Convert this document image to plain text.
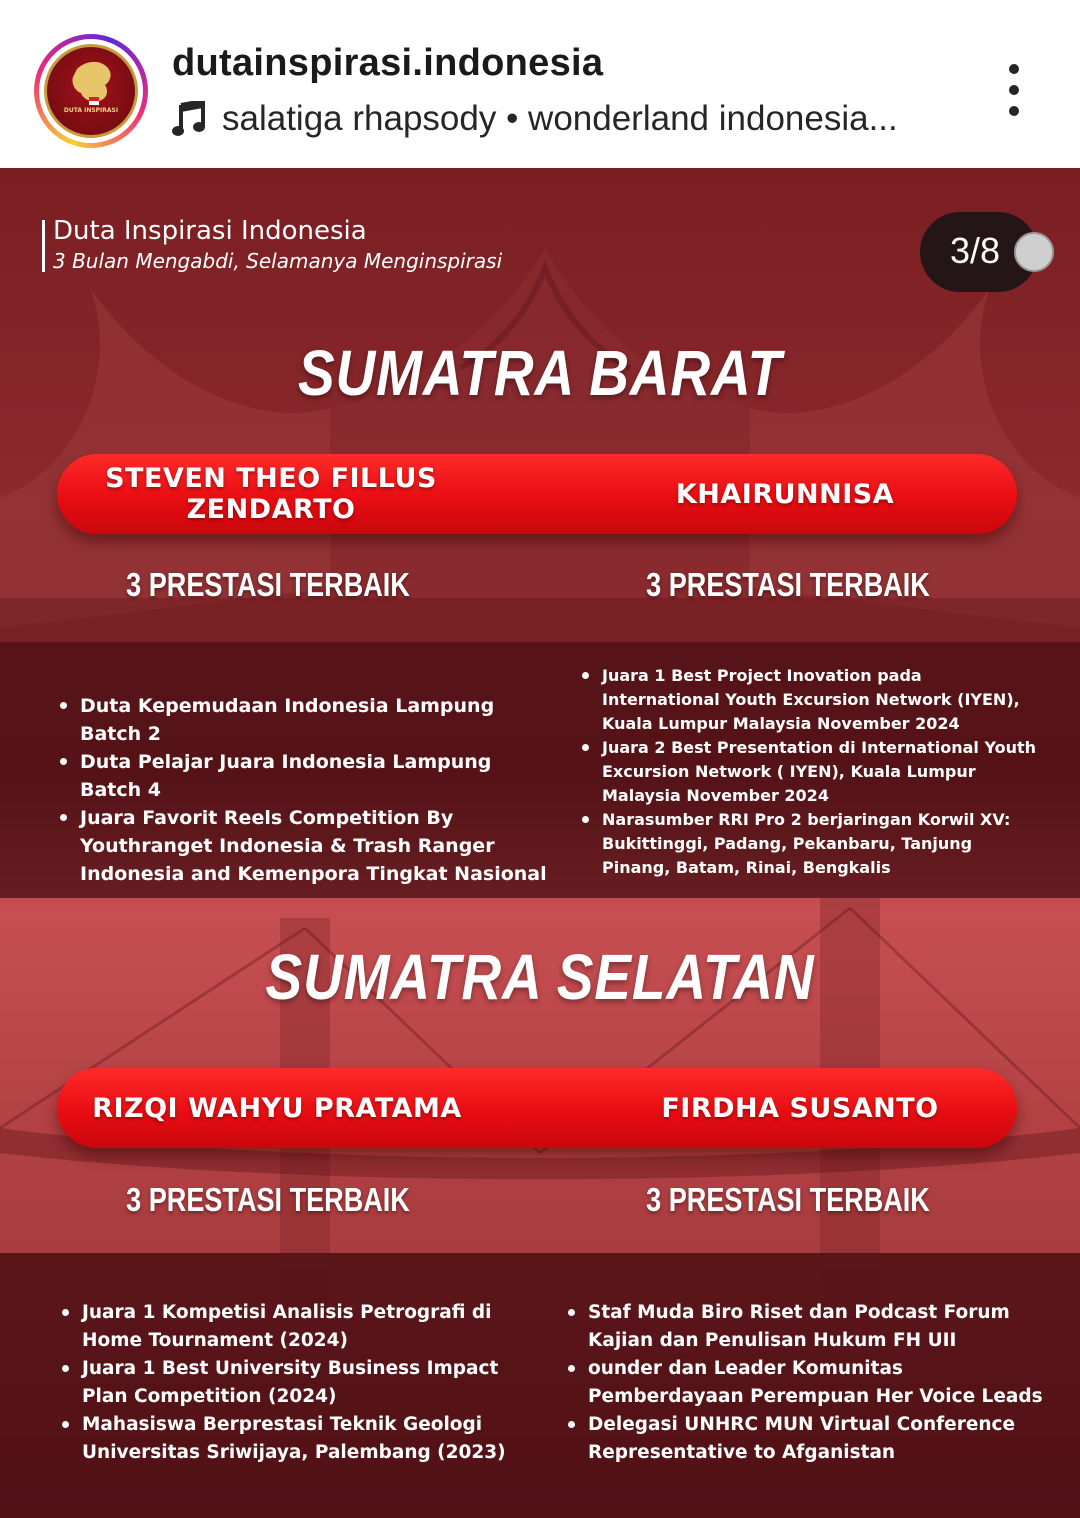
DUTA INSPIRASI
dutainspirasi.indonesia
salatiga rhapsody • wonderland indonesia...
Duta Inspirasi Indonesia
3 Bulan Mengabdi, Selamanya Menginspirasi	3/8
SUMATRA BARAT
STEVEN THEO FILLUS
ZENDARTO	KHAIRUNNISA
3 PRESTASI TERBAIK	3 PRESTASI TERBAIK
Duta Kepemudaan Indonesia Lampung Batch 2
Duta Pelajar Juara Indonesia Lampung Batch 4
Juara Favorit Reels Competition By Youthranget Indonesia & Trash Ranger Indonesia and Kemenpora Tingkat Nasional
Juara 1 Best Project Inovation pada International Youth Excursion Network (IYEN), Kuala Lumpur Malaysia November 2024
Juara 2 Best Presentation di International Youth Excursion Network ( IYEN), Kuala Lumpur Malaysia November 2024
Narasumber RRI Pro 2 berjaringan Korwil XV: Bukittinggi, Padang, Pekanbaru, Tanjung Pinang, Batam, Rinai, Bengkalis
SUMATRA SELATAN
RIZQI WAHYU PRATAMA	FIRDHA SUSANTO
3 PRESTASI TERBAIK	3 PRESTASI TERBAIK
Juara 1 Kompetisi Analisis Petrografi di Home Tournament (2024)
Juara 1 Best University Business Impact Plan Competition (2024)
Mahasiswa Berprestasi Teknik Geologi Universitas Sriwijaya, Palembang (2023)
Staf Muda Biro Riset dan Podcast Forum Kajian dan Penulisan Hukum FH UII
ounder dan Leader Komunitas Pemberdayaan Perempuan Her Voice Leads
Delegasi UNHRC MUN Virtual Conference Representative to Afganistan
